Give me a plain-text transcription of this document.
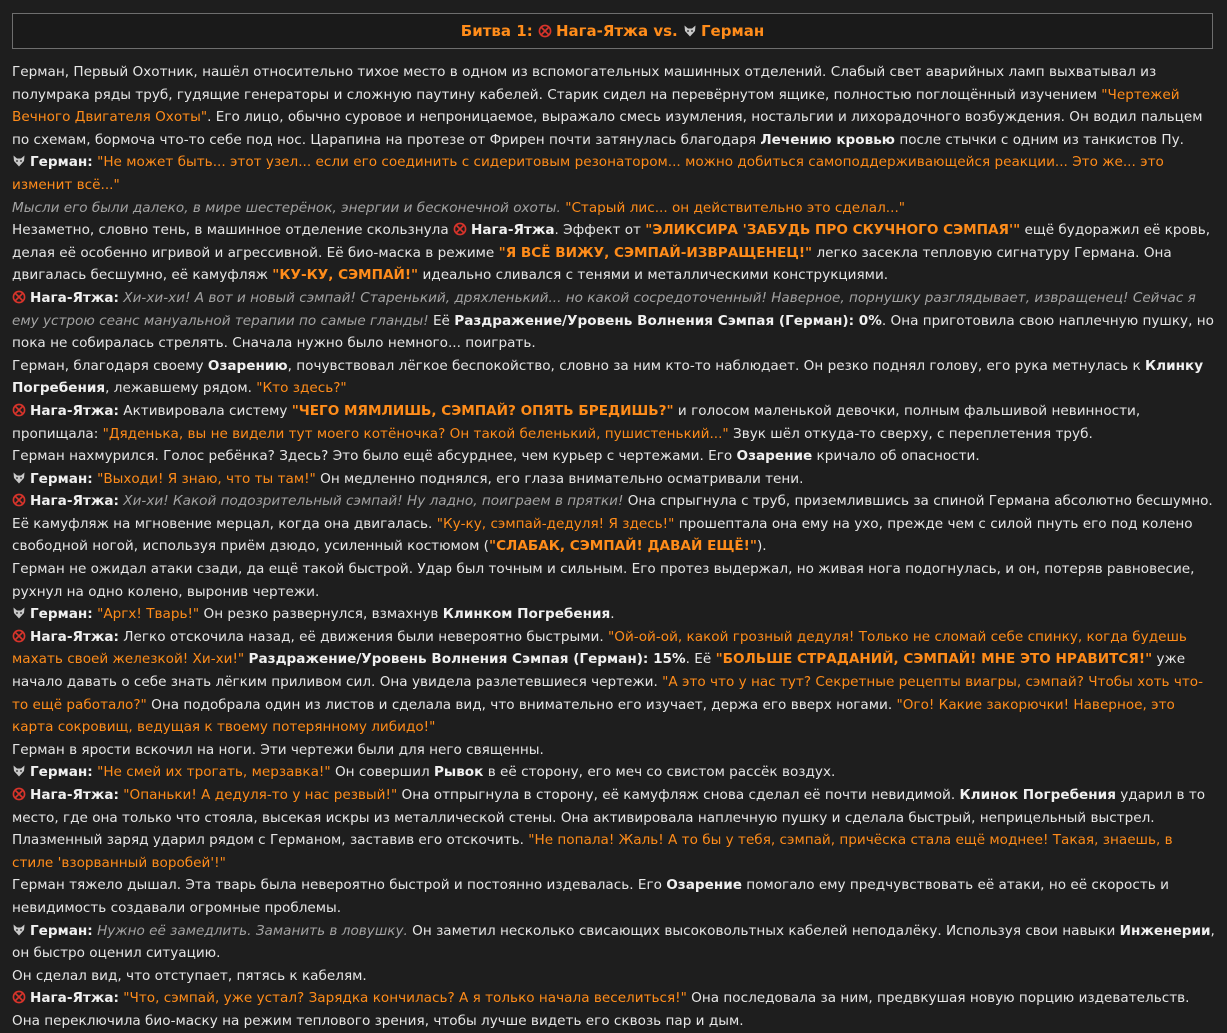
Битва 1:
Нага-Ятжа
vs.
Герман

Герман, Первый Охотник, нашёл относительно тихое место в одном из вспомогательных машинных отделений. Слабый свет аварийных ламп выхватывал из полумрака ряды труб, гудящие генераторы и сложную паутину кабелей. Старик сидел на перевёрнутом ящике, полностью поглощённый изучением "Чертежей Вечного Двигателя Охоты". Его лицо, обычно суровое и непроницаемое, выражало смесь изумления, ностальгии и лихорадочного возбуждения. Он водил пальцем по схемам, бормоча что-то себе под нос. Царапина на протезе от Фрирен почти затянулась благодаря Лечению кровью после стычки с одним из танкистов Пу.

Герман: "Не может быть... этот узел... если его соединить с сидеритовым резонатором... можно добиться самоподдерживающейся реакции... Это же... это изменит всё..."

Мысли его были далеко, в мире шестерёнок, энергии и бесконечной охоты. "Старый лис... он действительно это сделал..."

Незаметно, словно тень, в машинное отделение скользнула
Нага-Ятжа. Эффект от "ЭЛИКСИРА 'ЗАБУДЬ ПРО СКУЧНОГО СЭМПАЯ'" ещё будоражил её кровь, делая её особенно игривой и агрессивной. Её био-маска в режиме "Я ВСЁ ВИЖУ, СЭМПАЙ-ИЗВРАЩЕНЕЦ!" легко засекла тепловую сигнатуру Германа. Она двигалась бесшумно, её камуфляж "КУ-КУ, СЭМПАЙ!" идеально сливался с тенями и металлическими конструкциями.

Нага-Ятжа: Хи-хи-хи! А вот и новый сэмпай! Старенький, дряхленький... но какой сосредоточенный! Наверное, порнушку разглядывает, извращенец! Сейчас я ему устрою сеанс мануальной терапии по самые гланды! Её Раздражение/Уровень Волнения Сэмпая (Герман): 0%. Она приготовила свою наплечную пушку, но пока не собиралась стрелять. Сначала нужно было немного... поиграть.

Герман, благодаря своему Озарению, почувствовал лёгкое беспокойство, словно за ним кто-то наблюдает. Он резко поднял голову, его рука метнулась к Клинку Погребения, лежавшему рядом. "Кто здесь?"

Нага-Ятжа: Активировала систему "ЧЕГО МЯМЛИШЬ, СЭМПАЙ? ОПЯТЬ БРЕДИШЬ?" и голосом маленькой девочки, полным фальшивой невинности, пропищала: "Дяденька, вы не видели тут моего котёночка? Он такой беленький, пушистенький..." Звук шёл откуда-то сверху, с переплетения труб.

Герман нахмурился. Голос ребёнка? Здесь? Это было ещё абсурднее, чем курьер с чертежами. Его Озарение кричало об опасности.

Герман: "Выходи! Я знаю, что ты там!" Он медленно поднялся, его глаза внимательно осматривали тени.

Нага-Ятжа: Хи-хи! Какой подозрительный сэмпай! Ну ладно, поиграем в прятки! Она спрыгнула с труб, приземлившись за спиной Германа абсолютно бесшумно. Её камуфляж на мгновение мерцал, когда она двигалась. "Ку-ку, сэмпай-дедуля! Я здесь!" прошептала она ему на ухо, прежде чем с силой пнуть его под колено свободной ногой, используя приём дзюдо, усиленный костюмом ("СЛАБАК, СЭМПАЙ! ДАВАЙ ЕЩЁ!").

Герман не ожидал атаки сзади, да ещё такой быстрой. Удар был точным и сильным. Его протез выдержал, но живая нога подогнулась, и он, потеряв равновесие, рухнул на одно колено, выронив чертежи.

Герман: "Аргх! Тварь!" Он резко развернулся, взмахнув Клинком Погребения.

Нага-Ятжа: Легко отскочила назад, её движения были невероятно быстрыми. "Ой-ой-ой, какой грозный дедуля! Только не сломай себе спинку, когда будешь махать своей железкой! Хи-хи!" Раздражение/Уровень Волнения Сэмпая (Герман): 15%. Её "БОЛЬШЕ СТРАДАНИЙ, СЭМПАЙ! МНЕ ЭТО НРАВИТСЯ!" уже начало давать о себе знать лёгким приливом сил. Она увидела разлетевшиеся чертежи. "А это что у нас тут? Секретные рецепты виагры, сэмпай? Чтобы хоть что-то ещё работало?" Она подобрала один из листов и сделала вид, что внимательно его изучает, держа его вверх ногами. "Ого! Какие закорючки! Наверное, это карта сокровищ, ведущая к твоему потерянному либидо!"

Герман в ярости вскочил на ноги. Эти чертежи были для него священны.

Герман: "Не смей их трогать, мерзавка!" Он совершил Рывок в её сторону, его меч со свистом рассёк воздух.

Нага-Ятжа: "Опаньки! А дедуля-то у нас резвый!" Она отпрыгнула в сторону, её камуфляж снова сделал её почти невидимой. Клинок Погребения ударил в то место, где она только что стояла, высекая искры из металлической стены. Она активировала наплечную пушку и сделала быстрый, неприцельный выстрел. Плазменный заряд ударил рядом с Германом, заставив его отскочить. "Не попала! Жаль! А то бы у тебя, сэмпай, причёска стала ещё моднее! Такая, знаешь, в стиле 'взорванный воробей'!"

Герман тяжело дышал. Эта тварь была невероятно быстрой и постоянно издевалась. Его Озарение помогало ему предчувствовать её атаки, но её скорость и невидимость создавали огромные проблемы.

Герман: Нужно её замедлить. Заманить в ловушку. Он заметил несколько свисающих высоковольтных кабелей неподалёку. Используя свои навыки Инженерии, он быстро оценил ситуацию.

Он сделал вид, что отступает, пятясь к кабелям.

Нага-Ятжа: "Что, сэмпай, уже устал? Зарядка кончилась? А я только начала веселиться!" Она последовала за ним, предвкушая новую порцию издевательств. Она переключила био-маску на режим теплового зрения, чтобы лучше видеть его сквозь пар и дым.
